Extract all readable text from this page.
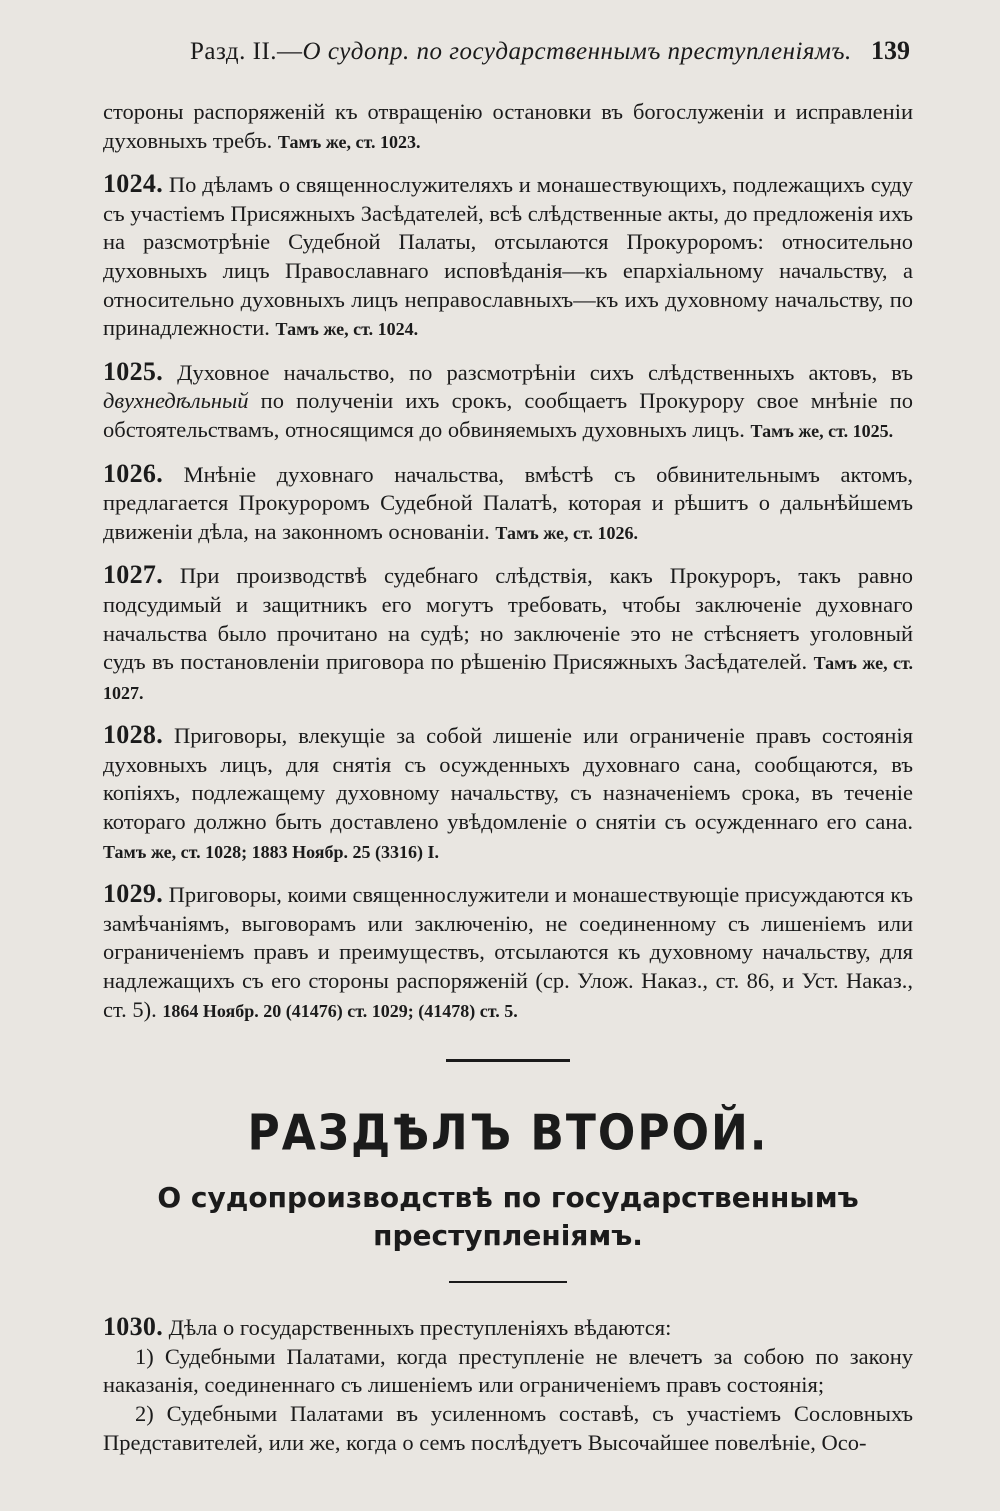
Разд. II.—О судопр. по государственнымъ преступленіямъ. 139

стороны распоряженій къ отвращенію остановки въ богослуженіи и исправленіи духовныхъ требъ. Тамъ же, ст. 1023.

1024. По дѣламъ о священнослужителяхъ и монашествующихъ, подлежащихъ суду съ участіемъ Присяжныхъ Засѣдателей, всѣ слѣдственные акты, до предложенія ихъ на разсмотрѣніе Судебной Палаты, отсылаются Прокуроромъ: относительно духовныхъ лицъ Православнаго исповѣданія—къ епархіальному начальству, а относительно духовныхъ лицъ неправославныхъ—къ ихъ духовному начальству, по принадлежности. Тамъ же, ст. 1024.

1025. Духовное начальство, по разсмотрѣніи сихъ слѣдственныхъ актовъ, въ двухнедѣльный по полученіи ихъ срокъ, сообщаетъ Прокурору свое мнѣніе по обстоятельствамъ, относящимся до обвиняемыхъ духовныхъ лицъ. Тамъ же, ст. 1025.

1026. Мнѣніе духовнаго начальства, вмѣстѣ съ обвинительнымъ актомъ, предлагается Прокуроромъ Судебной Палатѣ, которая и рѣшитъ о дальнѣйшемъ движеніи дѣла, на законномъ основаніи. Тамъ же, ст. 1026.

1027. При производствѣ судебнаго слѣдствія, какъ Прокуроръ, такъ равно подсудимый и защитникъ его могутъ требовать, чтобы заключеніе духовнаго начальства было прочитано на судѣ; но заключеніе это не стѣсняетъ уголовный судъ въ постановленіи приговора по рѣшенію Присяжныхъ Засѣдателей. Тамъ же, ст. 1027.

1028. Приговоры, влекущіе за собой лишеніе или ограниченіе правъ состоянія духовныхъ лицъ, для снятія съ осужденныхъ духовнаго сана, сообщаются, въ копіяхъ, подлежащему духовному начальству, съ назначеніемъ срока, въ теченіе котораго должно быть доставлено увѣдомленіе о снятіи съ осужденнаго его сана. Тамъ же, ст. 1028; 1883 Ноябр. 25 (3316) I.

1029. Приговоры, коими священнослужители и монашествующіе присуждаются къ замѣчаніямъ, выговорамъ или заключенію, не соединенному съ лишеніемъ или ограниченіемъ правъ и преимуществъ, отсылаются къ духовному начальству, для надлежащихъ съ его стороны распоряженій (ср. Улож. Наказ., ст. 86, и Уст. Наказ., ст. 5). 1864 Ноябр. 20 (41476) ст. 1029; (41478) ст. 5.

РАЗДѢЛЪ ВТОРОЙ.
О судопроизводствѣ по государственнымъ преступленіямъ.

1030. Дѣла о государственныхъ преступленіяхъ вѣдаются:

1) Судебными Палатами, когда преступленіе не влечетъ за собою по закону наказанія, соединеннаго съ лишеніемъ или ограниченіемъ правъ состоянія;

2) Судебными Палатами въ усиленномъ составѣ, съ участіемъ Сословныхъ Представителей, или же, когда о семъ послѣдуетъ Высочайшее повелѣніе, Осо-
